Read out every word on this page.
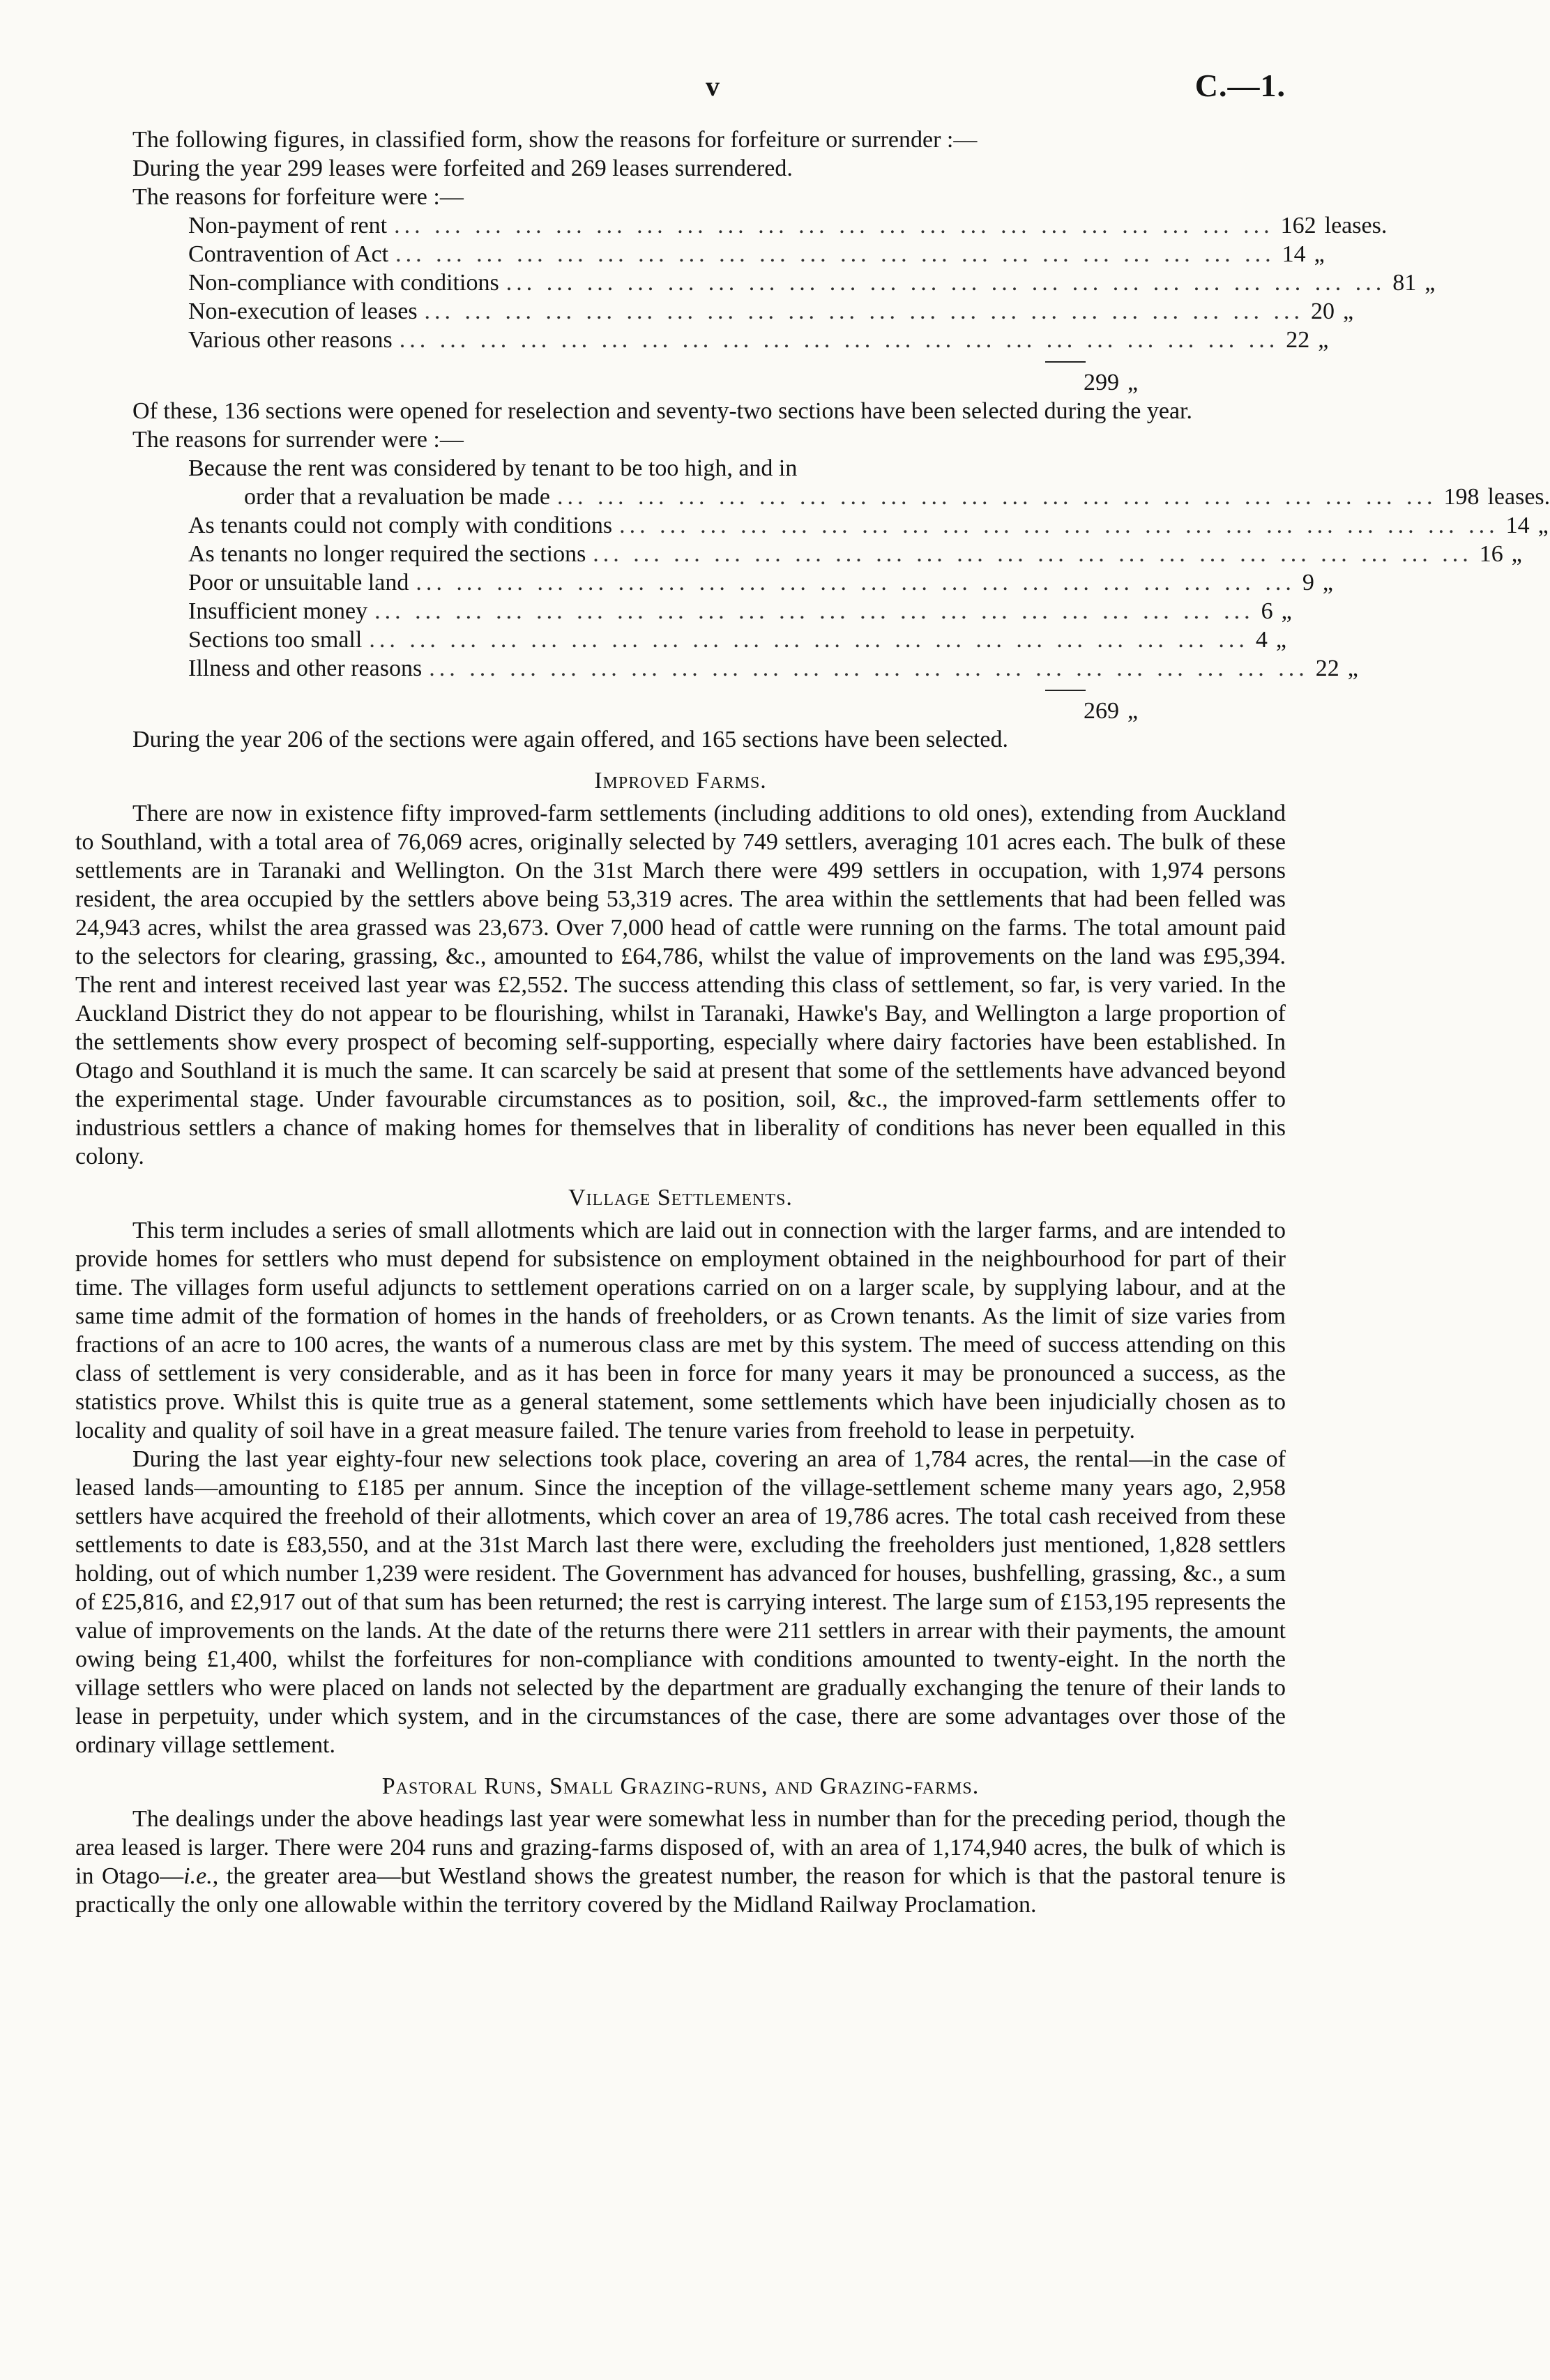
v	C.—1.

The following figures, in classified form, show the reasons for forfeiture or surrender :—

During the year 299 leases were forfeited and 269 leases surrendered.

The reasons for forfeiture were :—

Non-payment of rent ... ... ... ... ... ... ... ... ... ... ... ... ... ... ... ... ... ... ... ... ... ... 162 leases.
Contravention of Act ... ... ... ... ... ... ... ... ... ... ... ... ... ... ... ... ... ... ... ... ... ... 14 „
Non-compliance with conditions ... ... ... ... ... ... ... ... ... ... ... ... ... ... ... ... ... ... ... ... ... ... 81 „
Non-execution of leases ... ... ... ... ... ... ... ... ... ... ... ... ... ... ... ... ... ... ... ... ... ... 20 „
Various other reasons ... ... ... ... ... ... ... ... ... ... ... ... ... ... ... ... ... ... ... ... ... ... 22 „
299 „

Of these, 136 sections were opened for reselection and seventy-two sections have been selected during the year.

The reasons for surrender were :—

Because the rent was considered by tenant to be too high, and in
order that a revaluation be made ... ... ... ... ... ... ... ... ... ... ... ... ... ... ... ... ... ... ... ... ... ... 198 leases.
As tenants could not comply with conditions ... ... ... ... ... ... ... ... ... ... ... ... ... ... ... ... ... ... ... ... ... ... 14 „
As tenants no longer required the sections ... ... ... ... ... ... ... ... ... ... ... ... ... ... ... ... ... ... ... ... ... ... 16 „
Poor or unsuitable land ... ... ... ... ... ... ... ... ... ... ... ... ... ... ... ... ... ... ... ... ... ... 9 „
Insufficient money ... ... ... ... ... ... ... ... ... ... ... ... ... ... ... ... ... ... ... ... ... ... 6 „
Sections too small ... ... ... ... ... ... ... ... ... ... ... ... ... ... ... ... ... ... ... ... ... ... 4 „
Illness and other reasons ... ... ... ... ... ... ... ... ... ... ... ... ... ... ... ... ... ... ... ... ... ... 22 „
269 „

During the year 206 of the sections were again offered, and 165 sections have been selected.

Improved Farms.

There are now in existence fifty improved-farm settlements (including additions to old ones), extending from Auckland to Southland, with a total area of 76,069 acres, originally selected by 749 settlers, averaging 101 acres each. The bulk of these settlements are in Taranaki and Wellington. On the 31st March there were 499 settlers in occupation, with 1,974 persons resident, the area occupied by the settlers above being 53,319 acres. The area within the settlements that had been felled was 24,943 acres, whilst the area grassed was 23,673. Over 7,000 head of cattle were running on the farms. The total amount paid to the selectors for clearing, grassing, &c., amounted to £64,786, whilst the value of improvements on the land was £95,394. The rent and interest received last year was £2,552. The success attending this class of settlement, so far, is very varied. In the Auckland District they do not appear to be flourishing, whilst in Taranaki, Hawke's Bay, and Wellington a large proportion of the settlements show every prospect of becoming self-supporting, especially where dairy factories have been established. In Otago and Southland it is much the same. It can scarcely be said at present that some of the settlements have advanced beyond the experimental stage. Under favourable circumstances as to position, soil, &c., the improved-farm settlements offer to industrious settlers a chance of making homes for themselves that in liberality of conditions has never been equalled in this colony.

Village Settlements.

This term includes a series of small allotments which are laid out in connection with the larger farms, and are intended to provide homes for settlers who must depend for subsistence on employment obtained in the neighbourhood for part of their time. The villages form useful adjuncts to settlement operations carried on on a larger scale, by supplying labour, and at the same time admit of the formation of homes in the hands of freeholders, or as Crown tenants. As the limit of size varies from fractions of an acre to 100 acres, the wants of a numerous class are met by this system. The meed of success attending on this class of settlement is very considerable, and as it has been in force for many years it may be pronounced a success, as the statistics prove. Whilst this is quite true as a general statement, some settlements which have been injudicially chosen as to locality and quality of soil have in a great measure failed. The tenure varies from freehold to lease in perpetuity.

During the last year eighty-four new selections took place, covering an area of 1,784 acres, the rental—in the case of leased lands—amounting to £185 per annum. Since the inception of the village-settlement scheme many years ago, 2,958 settlers have acquired the freehold of their allotments, which cover an area of 19,786 acres. The total cash received from these settlements to date is £83,550, and at the 31st March last there were, excluding the freeholders just mentioned, 1,828 settlers holding, out of which number 1,239 were resident. The Government has advanced for houses, bushfelling, grassing, &c., a sum of £25,816, and £2,917 out of that sum has been returned; the rest is carrying interest. The large sum of £153,195 represents the value of improvements on the lands. At the date of the returns there were 211 settlers in arrear with their payments, the amount owing being £1,400, whilst the forfeitures for non-compliance with conditions amounted to twenty-eight. In the north the village settlers who were placed on lands not selected by the department are gradually exchanging the tenure of their lands to lease in perpetuity, under which system, and in the circumstances of the case, there are some advantages over those of the ordinary village settlement.

Pastoral Runs, Small Grazing-runs, and Grazing-farms.

The dealings under the above headings last year were somewhat less in number than for the preceding period, though the area leased is larger. There were 204 runs and grazing-farms disposed of, with an area of 1,174,940 acres, the bulk of which is in Otago—i.e., the greater area—but Westland shows the greatest number, the reason for which is that the pastoral tenure is practically the only one allowable within the territory covered by the Midland Railway Proclamation.
